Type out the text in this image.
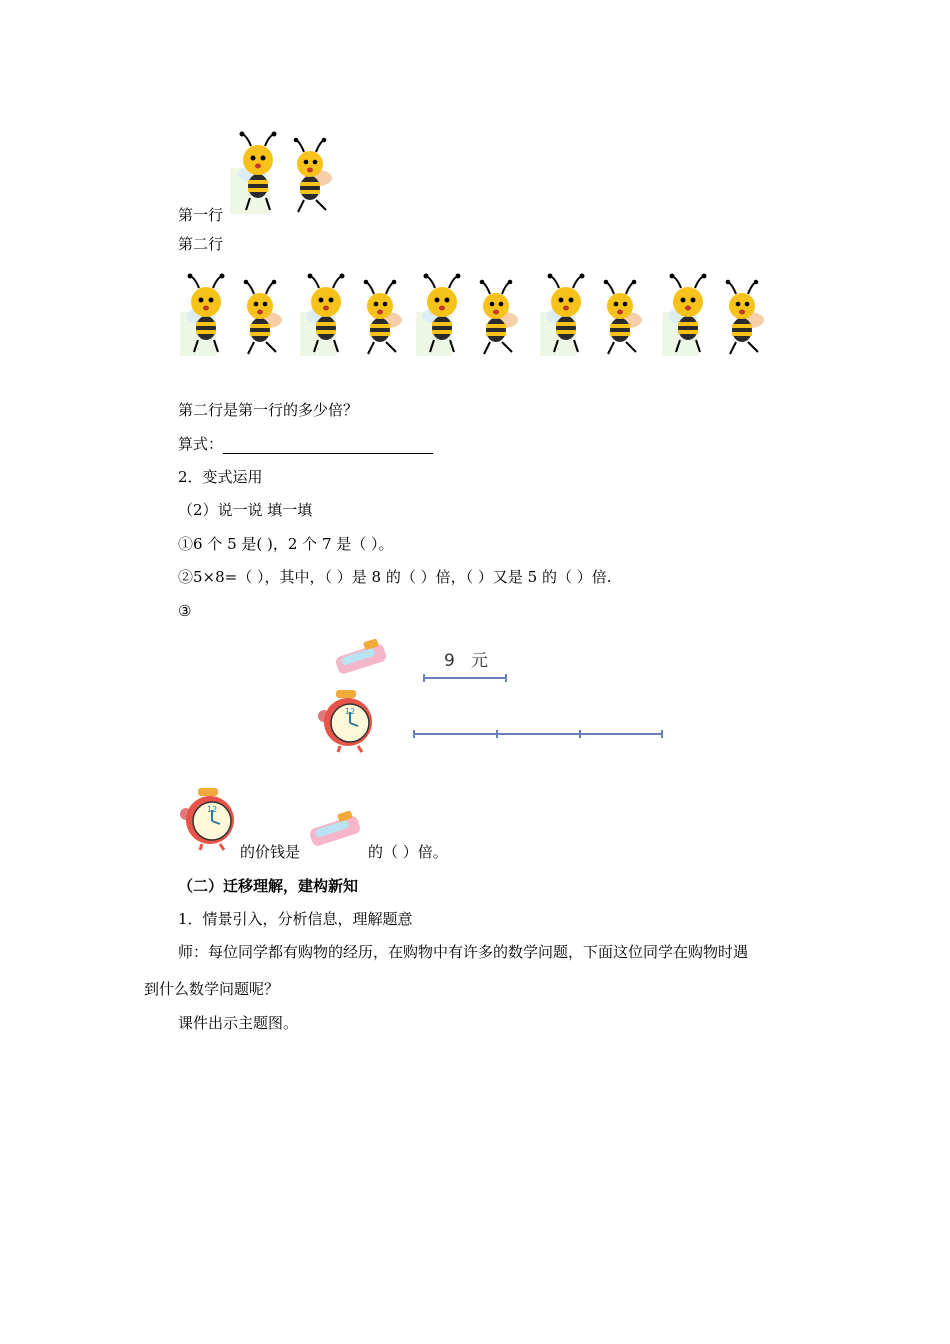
第一行
第二行
第二行是第一行的多少倍？
算式：
2．变式运用
（2）说一说 填一填
①6 个 5 是( )，2 个 7 是（ ）。
②5×8=（ ），其中，（ ）是 8 的（ ）倍，（ ）又是 5 的（ ）倍.
③
9   元
的价钱是	的（ ）倍。
（二）迁移理解，建构新知
1．情景引入，分析信息，理解题意
师：每位同学都有购物的经历，在购物中有许多的数学问题，下面这位同学在购物时遇
到什么数学问题呢？
课件出示主题图。
